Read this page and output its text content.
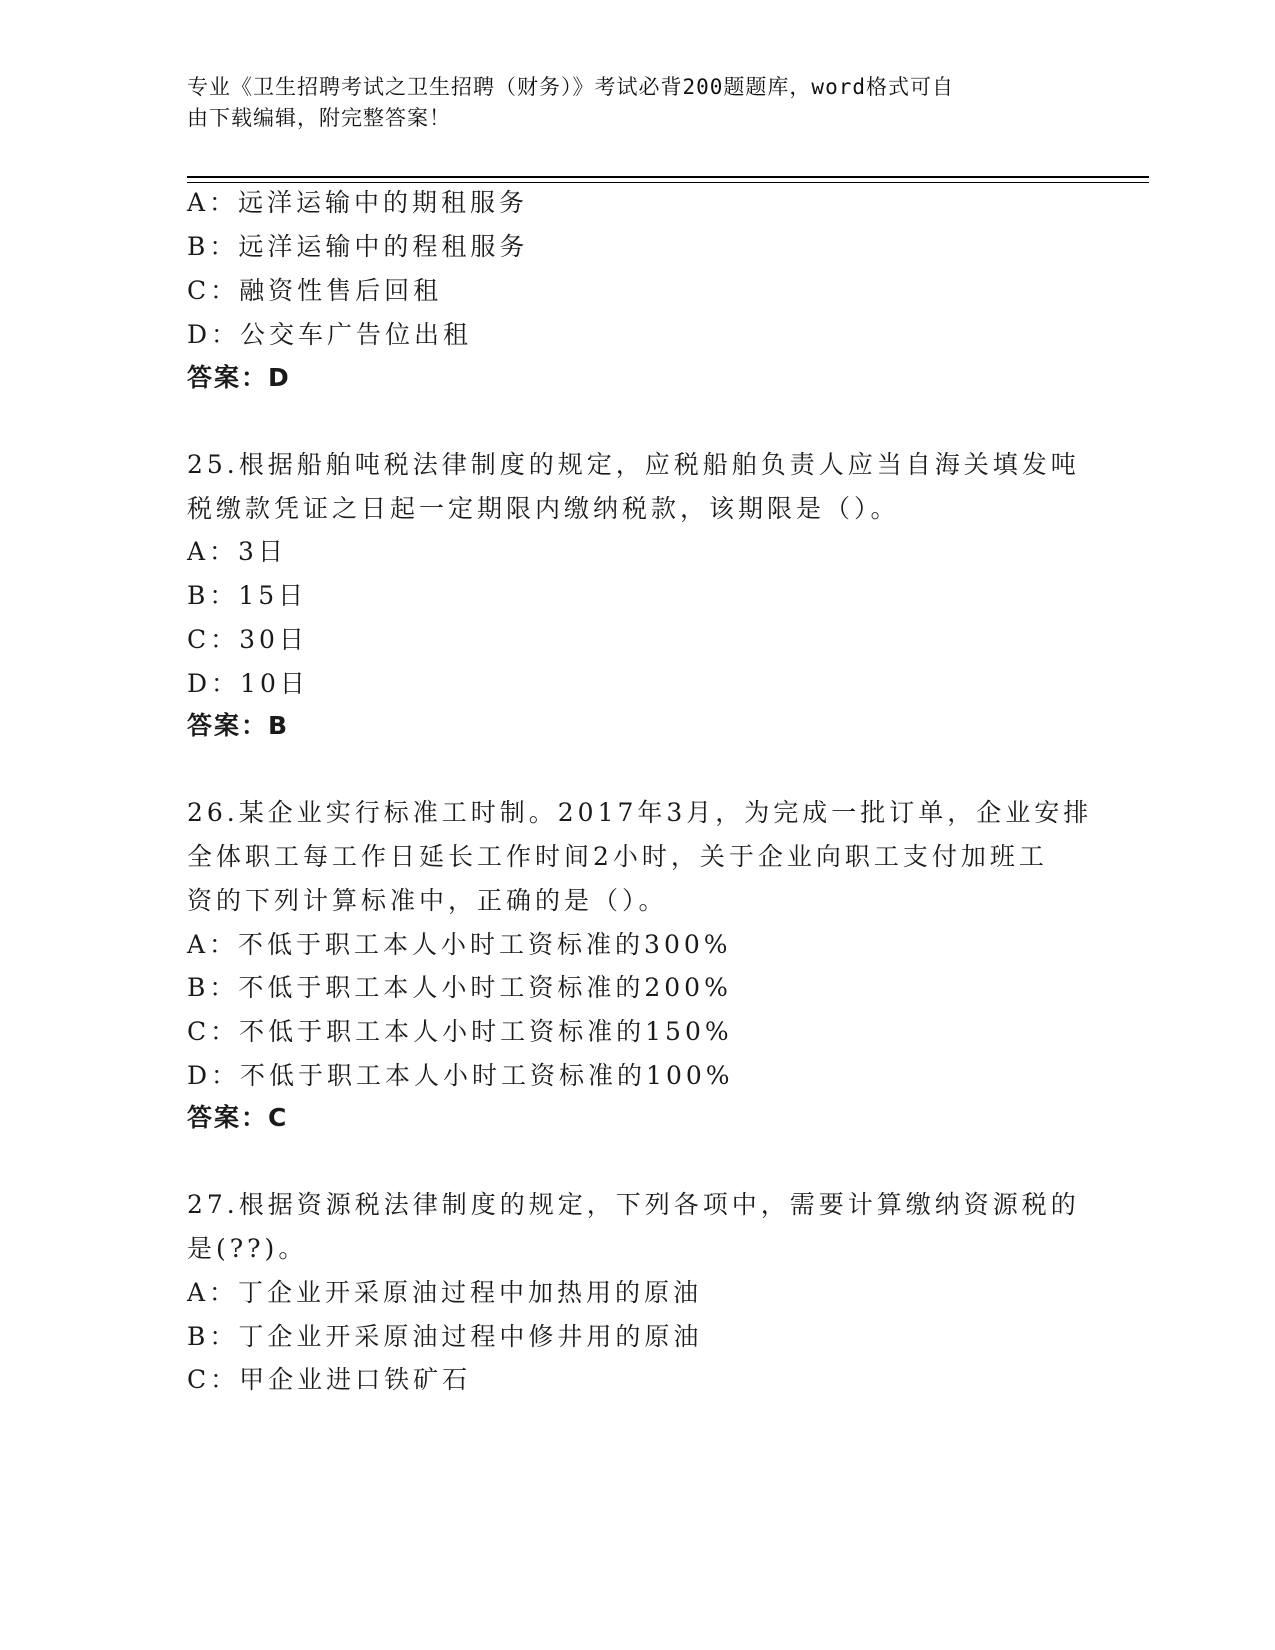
专业《卫生招聘考试之卫生招聘（财务）》考试必背200题题库，word格式可自
由下载编辑，附完整答案！
A：远洋运输中的期租服务
B：远洋运输中的程租服务
C：融资性售后回租
D：公交车广告位出租
答案：D
25.根据船舶吨税法律制度的规定，应税船舶负责人应当自海关填发吨
税缴款凭证之日起一定期限内缴纳税款，该期限是（）。
A：3日
B：15日
C：30日
D：10日
答案：B
26.某企业实行标准工时制。2017年3月，为完成一批订单，企业安排
全体职工每工作日延长工作时间2小时，关于企业向职工支付加班工
资的下列计算标准中，正确的是（）。
A：不低于职工本人小时工资标准的300%
B：不低于职工本人小时工资标准的200%
C：不低于职工本人小时工资标准的150%
D：不低于职工本人小时工资标准的100%
答案：C
27.根据资源税法律制度的规定，下列各项中，需要计算缴纳资源税的
是(??)。
A：丁企业开采原油过程中加热用的原油
B：丁企业开采原油过程中修井用的原油
C：甲企业进口铁矿石
